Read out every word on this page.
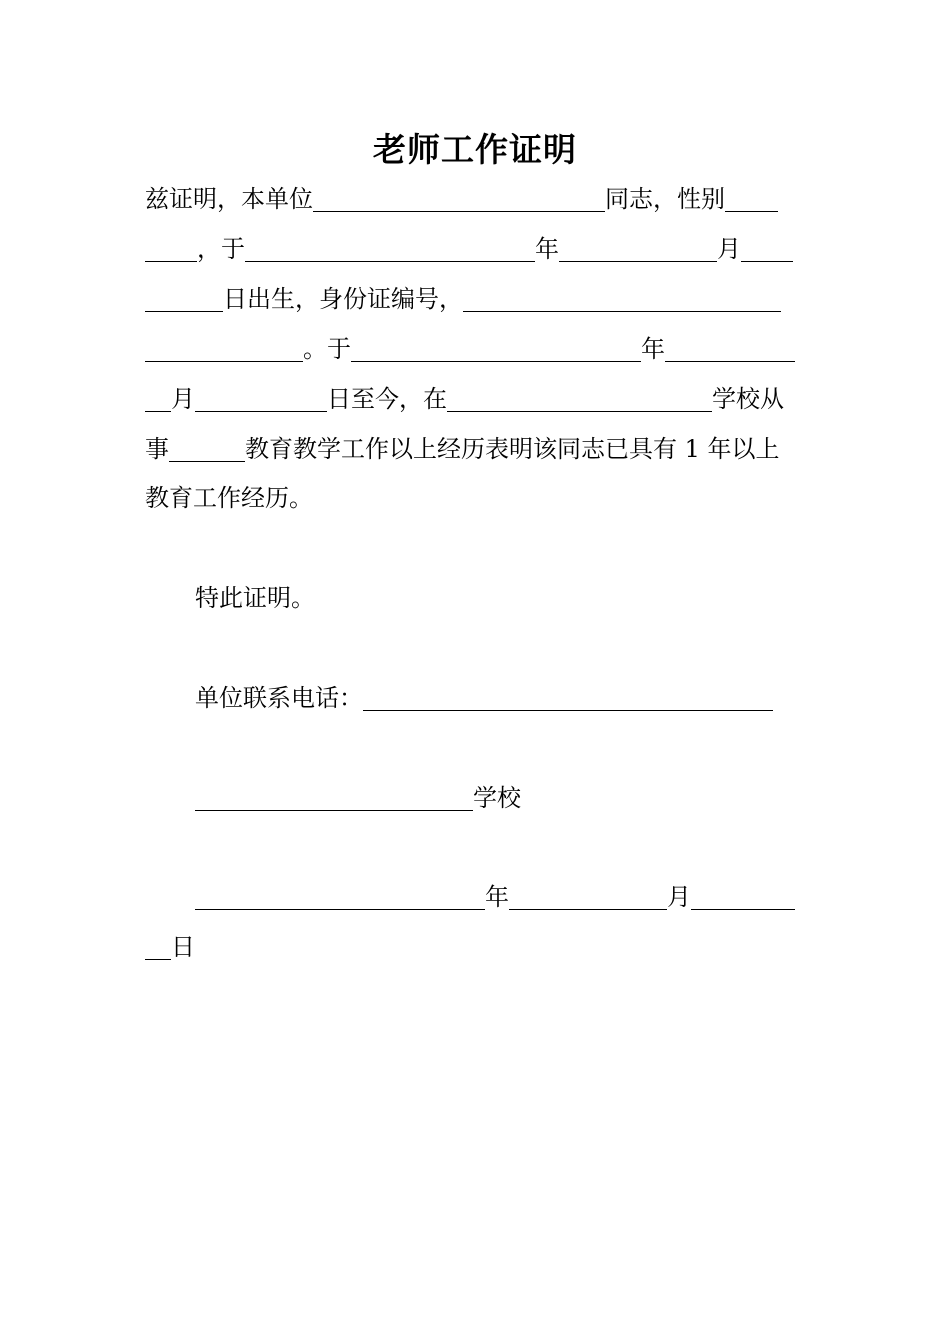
老师工作证明
兹证明，本单位	同志，性别
，于	年	月
日出生，身份证编号，
。于	年
月	日至今，在	学校从
事	教育教学工作以上经历表明该同志已具有 1 年以上
教育工作经历。
特此证明。
单位联系电话：
学校
年	月
日
